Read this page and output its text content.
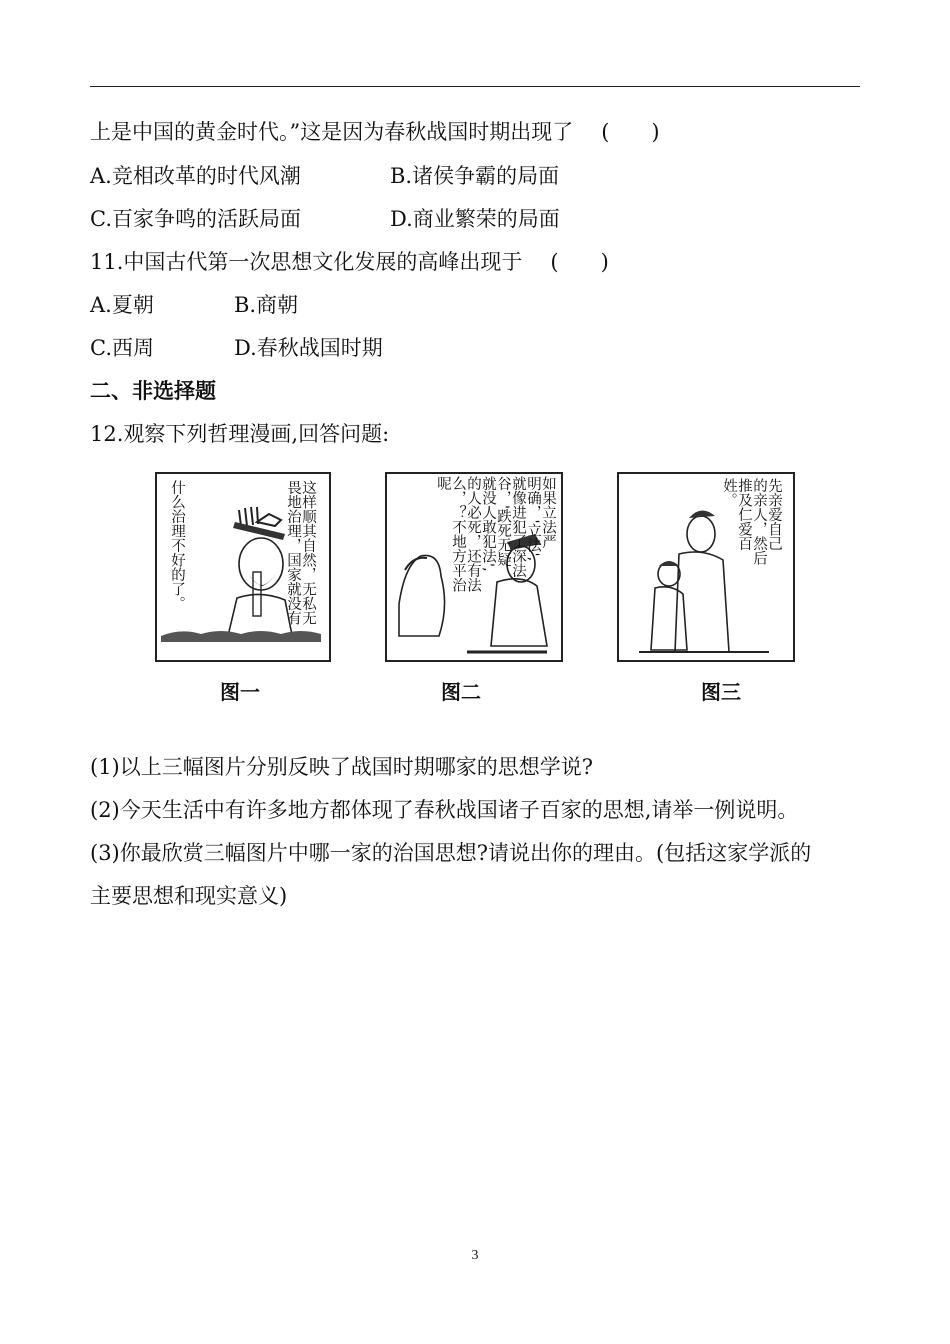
上是中国的黄金时代。”这是因为春秋战国时期出现了 (　　)
A.竞相改革的时代风潮	B.诸侯争霸的局面
C.百家争鸣的活跃局面	D.商业繁荣的局面
11.中国古代第一次思想文化发展的高峰出现于 (　　)
A.夏朝	B.商朝
C.西周	D.春秋战国时期
二、非选择题
12.观察下列哲理漫画,回答问题:
这样顺其自然，无私无
畏地治理，国家就没有
什么治理不好的了。	如果立法严
明确，'立法',
就像进犯了深法
谷，'跌死无疑
就没人敢犯法',
的人必死，还有法
么，？不地方平治
呢	先亲爱自己
的亲人，然后
推及仁爱百
姓。
图一	图二	图三
(1)以上三幅图片分别反映了战国时期哪家的思想学说?
(2)今天生活中有许多地方都体现了春秋战国诸子百家的思想,请举一例说明。
(3)你最欣赏三幅图片中哪一家的治国思想?请说出你的理由。(包括这家学派的
主要思想和现实意义)
3
